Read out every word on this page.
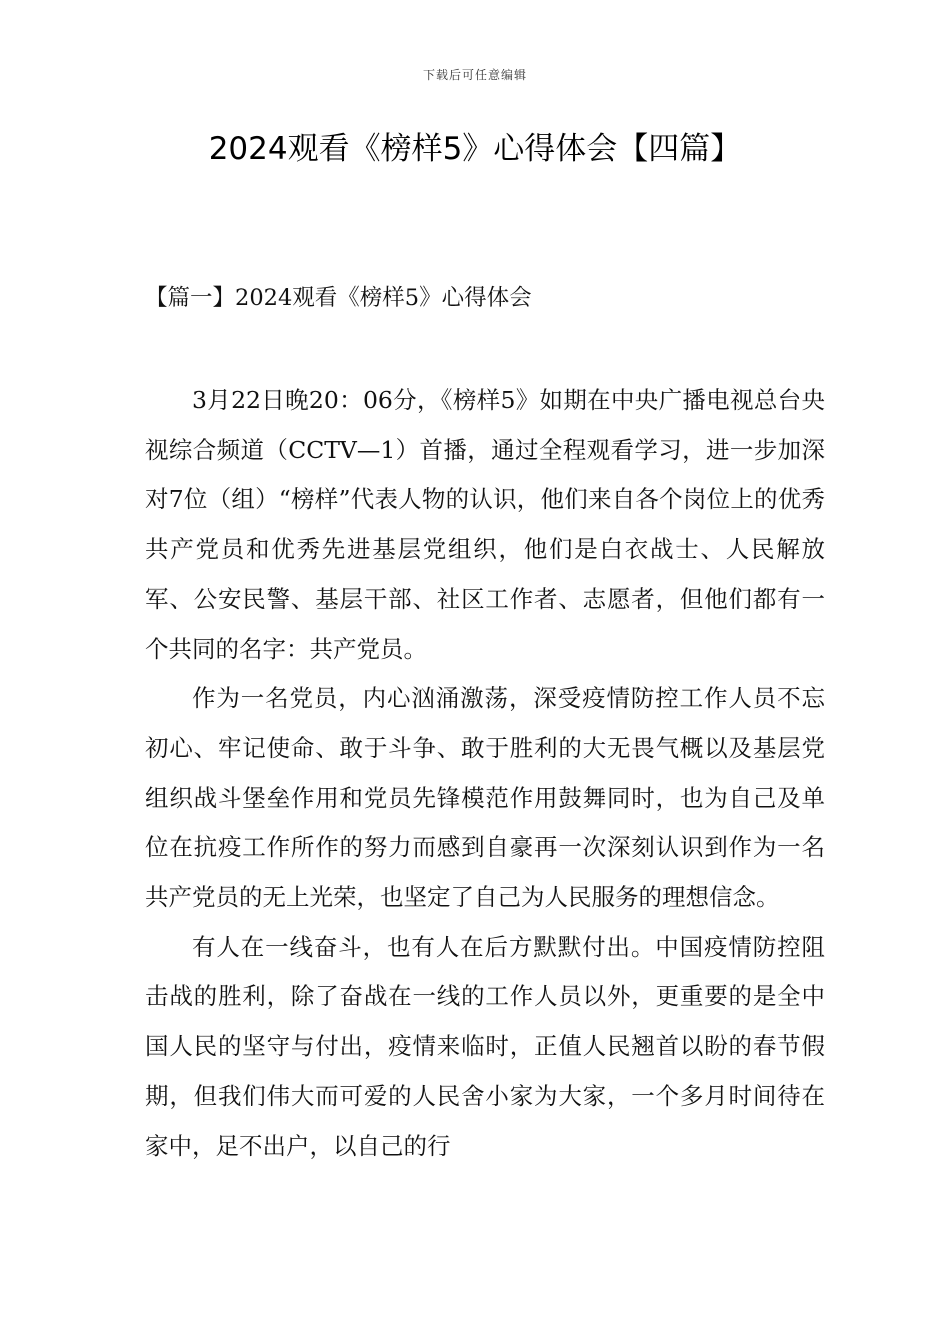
下载后可任意编辑
2024观看《榜样5》心得体会【四篇】
【篇一】2024观看《榜样5》心得体会

3月22日晚20：06分，《榜样5》如期在中央广播电视总台央视综合频道（CCTV—1）首播，通过全程观看学习，进一步加深对7位（组）“榜样”代表人物的认识，他们来自各个岗位上的优秀共产党员和优秀先进基层党组织，他们是白衣战士、人民解放军、公安民警、基层干部、社区工作者、志愿者，但他们都有一个共同的名字：共产党员。

作为一名党员，内心汹涌激荡，深受疫情防控工作人员不忘初心、牢记使命、敢于斗争、敢于胜利的大无畏气概以及基层党组织战斗堡垒作用和党员先锋模范作用鼓舞同时，也为自己及单位在抗疫工作所作的努力而感到自豪再一次深刻认识到作为一名共产党员的无上光荣，也坚定了自己为人民服务的理想信念。

有人在一线奋斗，也有人在后方默默付出。中国疫情防控阻击战的胜利，除了奋战在一线的工作人员以外，更重要的是全中国人民的坚守与付出，疫情来临时，正值人民翘首以盼的春节假期，但我们伟大而可爱的人民舍小家为大家，一个多月时间待在家中，足不出户，以自己的行
